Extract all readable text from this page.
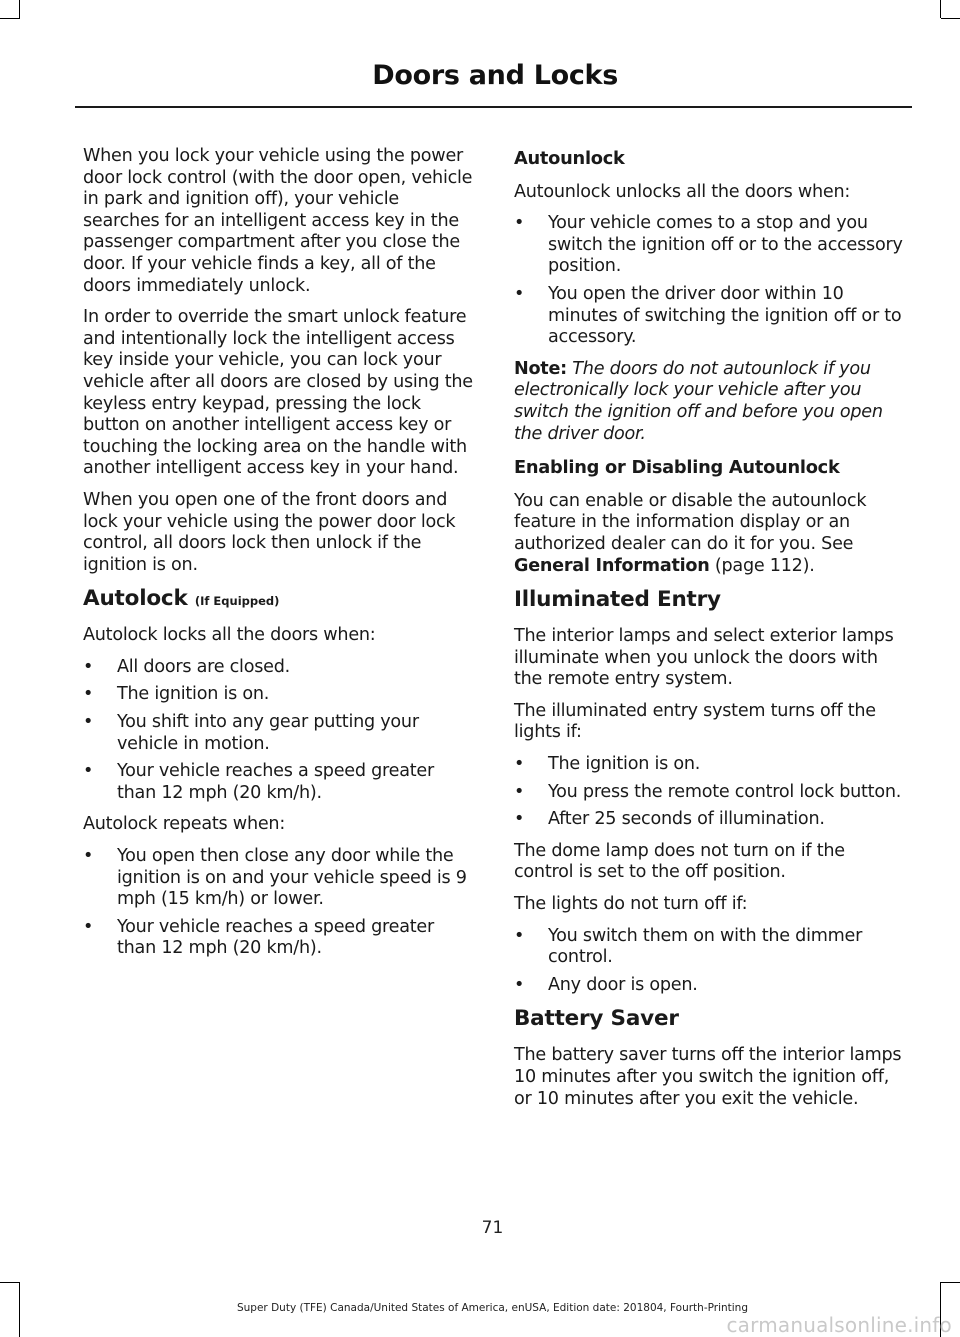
Doors and Locks

When you lock your vehicle using the power door lock control (with the door open, vehicle in park and ignition off), your vehicle searches for an intelligent access key in the passenger compartment after you close the door. If your vehicle finds a key, all of the doors immediately unlock.

In order to override the smart unlock feature and intentionally lock the intelligent access key inside your vehicle, you can lock your vehicle after all doors are closed by using the keyless entry keypad, pressing the lock button on another intelligent access key or touching the locking area on the handle with another intelligent access key in your hand.

When you open one of the front doors and lock your vehicle using the power door lock control, all doors lock then unlock if the ignition is on.

Autolock (If Equipped)

Autolock locks all the doors when:

•	All doors are closed.
•	The ignition is on.
•	You shift into any gear putting your vehicle in motion.
•	Your vehicle reaches a speed greater than 12 mph (20 km/h).

Autolock repeats when:

•	You open then close any door while the ignition is on and your vehicle speed is 9 mph (15 km/h) or lower.
•	Your vehicle reaches a speed greater than 12 mph (20 km/h).

Autounlock

Autounlock unlocks all the doors when:

•	Your vehicle comes to a stop and you switch the ignition off or to the accessory position.
•	You open the driver door within 10 minutes of switching the ignition off or to accessory.

Note: The doors do not autounlock if you electronically lock your vehicle after you switch the ignition off and before you open the driver door.

Enabling or Disabling Autounlock

You can enable or disable the autounlock feature in the information display or an authorized dealer can do it for you. See General Information (page 112).

Illuminated Entry

The interior lamps and select exterior lamps illuminate when you unlock the doors with the remote entry system.

The illuminated entry system turns off the lights if:

•	The ignition is on.
•	You press the remote control lock button.
•	After 25 seconds of illumination.

The dome lamp does not turn on if the control is set to the off position.

The lights do not turn off if:

•	You switch them on with the dimmer control.
•	Any door is open.
Battery Saver

The battery saver turns off the interior lamps 10 minutes after you switch the ignition off, or 10 minutes after you exit the vehicle.

71
Super Duty (TFE) Canada/United States of America, enUSA, Edition date: 201804, Fourth-Printing
carmanualsonline.info
